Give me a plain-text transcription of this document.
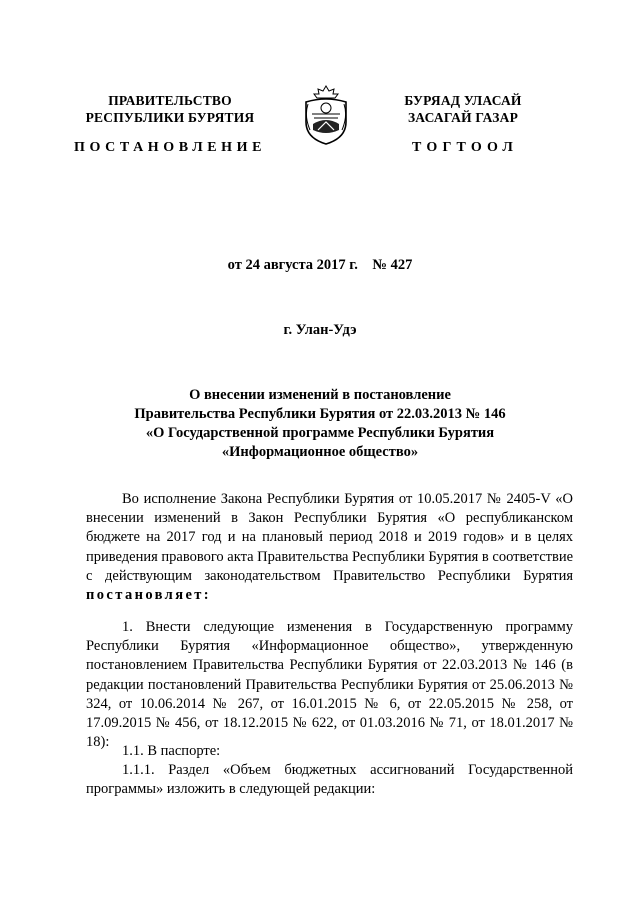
ПРАВИТЕЛЬСТВО
РЕСПУБЛИКИ БУРЯТИЯ
БУРЯАД УЛАСАЙ
ЗАСАГАЙ ГАЗАР
ПОСТАНОВЛЕНИЕ	ТОГТООЛ
от 24 августа 2017 г. № 427
г. Улан-Удэ
О внесении изменений в постановление
Правительства Республики Бурятия от 22.03.2013 № 146
«О Государственной программе Республики Бурятия
«Информационное общество»

Во исполнение Закона Республики Бурятия от 10.05.2017 № 2405-V «О внесении изменений в Закон Республики Бурятия «О республиканском бюджете на 2017 год и на плановый период 2018 и 2019 годов» и в целях приведения правового акта Правительства Республики Бурятия в соответствие с действующим законодательством Правительство Республики Бурятия постановляет:

1. Внести следующие изменения в Государственную программу Республики Бурятия «Информационное общество», утвержденную постановлением Правительства Республики Бурятия от 22.03.2013 № 146 (в редакции постановлений Правительства Республики Бурятия от 25.06.2013 № 324, от 10.06.2014 № 267, от 16.01.2015 № 6, от 22.05.2015 № 258, от 17.09.2015 № 456, от 18.12.2015 № 622, от 01.03.2016 № 71, от 18.01.2017 № 18):

1.1. В паспорте:

1.1.1. Раздел «Объем бюджетных ассигнований Государственной программы» изложить в следующей редакции:
